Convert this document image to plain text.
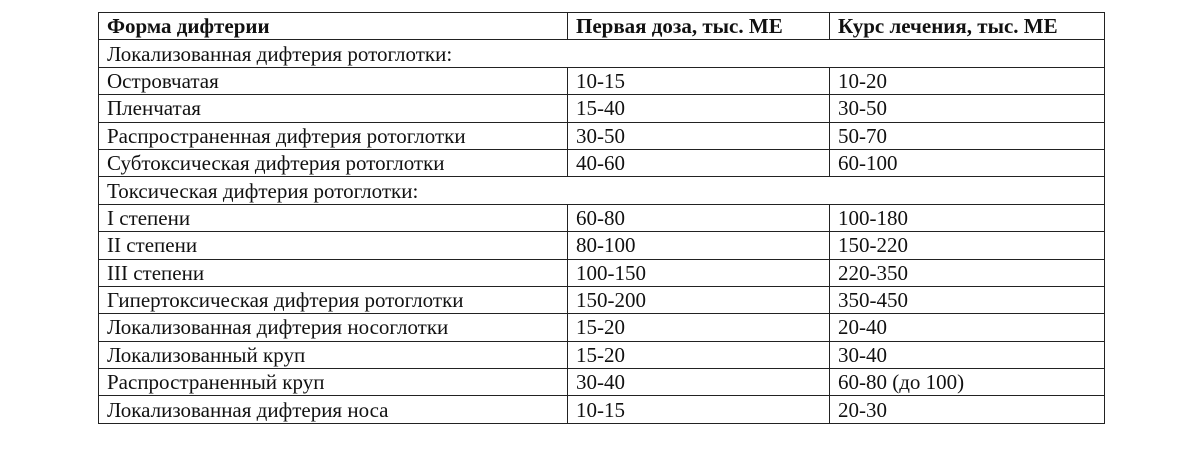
Форма дифтерии	Первая доза, тыс. МЕ	Курс лечения, тыс. МЕ
Локализованная дифтерия ротоглотки:		
Островчатая	10-15	10-20
Пленчатая	15-40	30-50
Распространенная дифтерия ротоглотки	30-50	50-70
Субтоксическая дифтерия ротоглотки	40-60	60-100
Токсическая дифтерия ротоглотки:		
I степени	60-80	100-180
II степени	80-100	150-220
III степени	100-150	220-350
Гипертоксическая дифтерия ротоглотки	150-200	350-450
Локализованная дифтерия носоглотки	15-20	20-40
Локализованный круп	15-20	30-40
Распространенный круп	30-40	60-80 (до 100)
Локализованная дифтерия носа	10-15	20-30
